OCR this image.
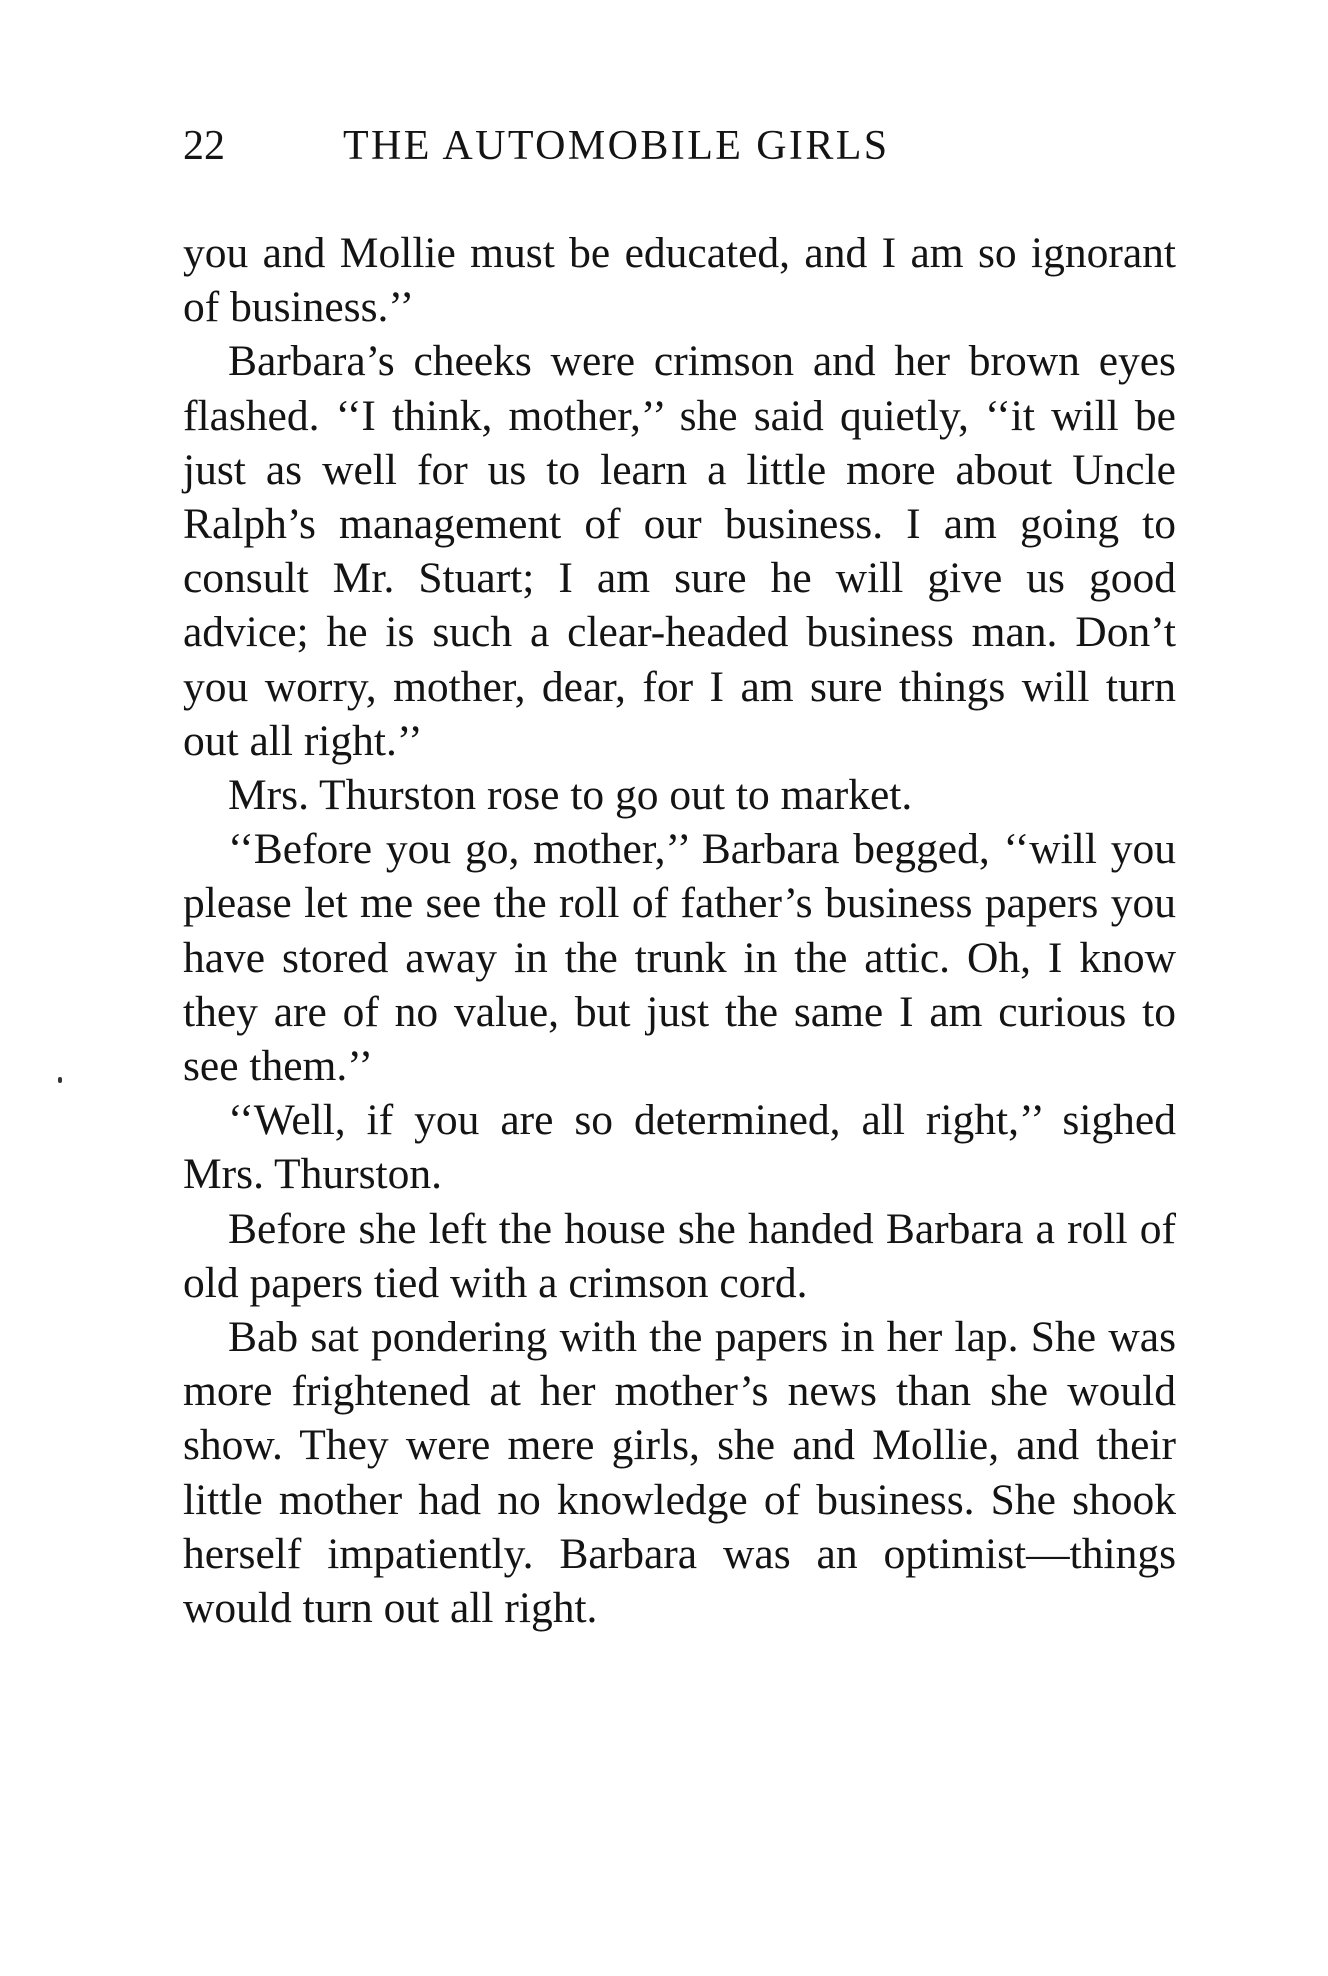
22	THE AUTOMOBILE GIRLS

you and Mollie must be educated, and I am so ignorant of business.’’

Barbara’s cheeks were crimson and her brown eyes flashed. ‘‘I think, mother,’’ she said quietly, ‘‘it will be just as well for us to learn a little more about Uncle Ralph’s management of our business. I am going to consult Mr. Stuart; I am sure he will give us good advice; he is such a clear-headed business man. Don’t you worry, mother, dear, for I am sure things will turn out all right.’’

Mrs. Thurston rose to go out to market.

‘‘Before you go, mother,’’ Barbara begged, ‘‘will you please let me see the roll of father’s business papers you have stored away in the trunk in the attic. Oh, I know they are of no value, but just the same I am curious to see them.’’

‘‘Well, if you are so determined, all right,’’ sighed Mrs. Thurston.

Before she left the house she handed Barbara a roll of old papers tied with a crimson cord.

Bab sat pondering with the papers in her lap. She was more frightened at her mother’s news than she would show. They were mere girls, she and Mollie, and their little mother had no knowledge of business. She shook herself impatiently. Barbara was an optimist—things would turn out all right.
